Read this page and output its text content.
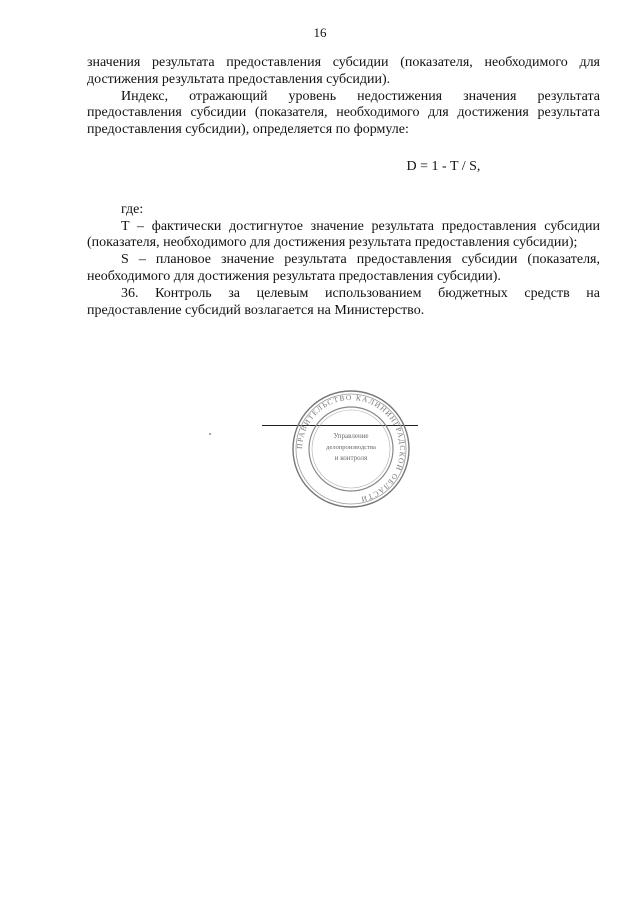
16

значения результата предоставления субсидии (показателя, необходимого для достижения результата предоставления субсидии).

Индекс, отражающий уровень недостижения значения результата предоставления субсидии (показателя, необходимого для достижения результата предоставления субсидии), определяется по формуле:

D = 1 - T / S,

где:

T – фактически достигнутое значение результата предоставления субсидии (показателя, необходимого для достижения результата предоставления субсидии);

S – плановое значение результата предоставления субсидии (показателя, необходимого для достижения результата предоставления субсидии).

36. Контроль за целевым использованием бюджетных средств на предоставление субсидий возлагается на Министерство.

ПРАВИТЕЛЬСТВО КАЛИНИНГРАДСКОЙ ОБЛАСТИ
Управление
делопроизводства
и контроля
